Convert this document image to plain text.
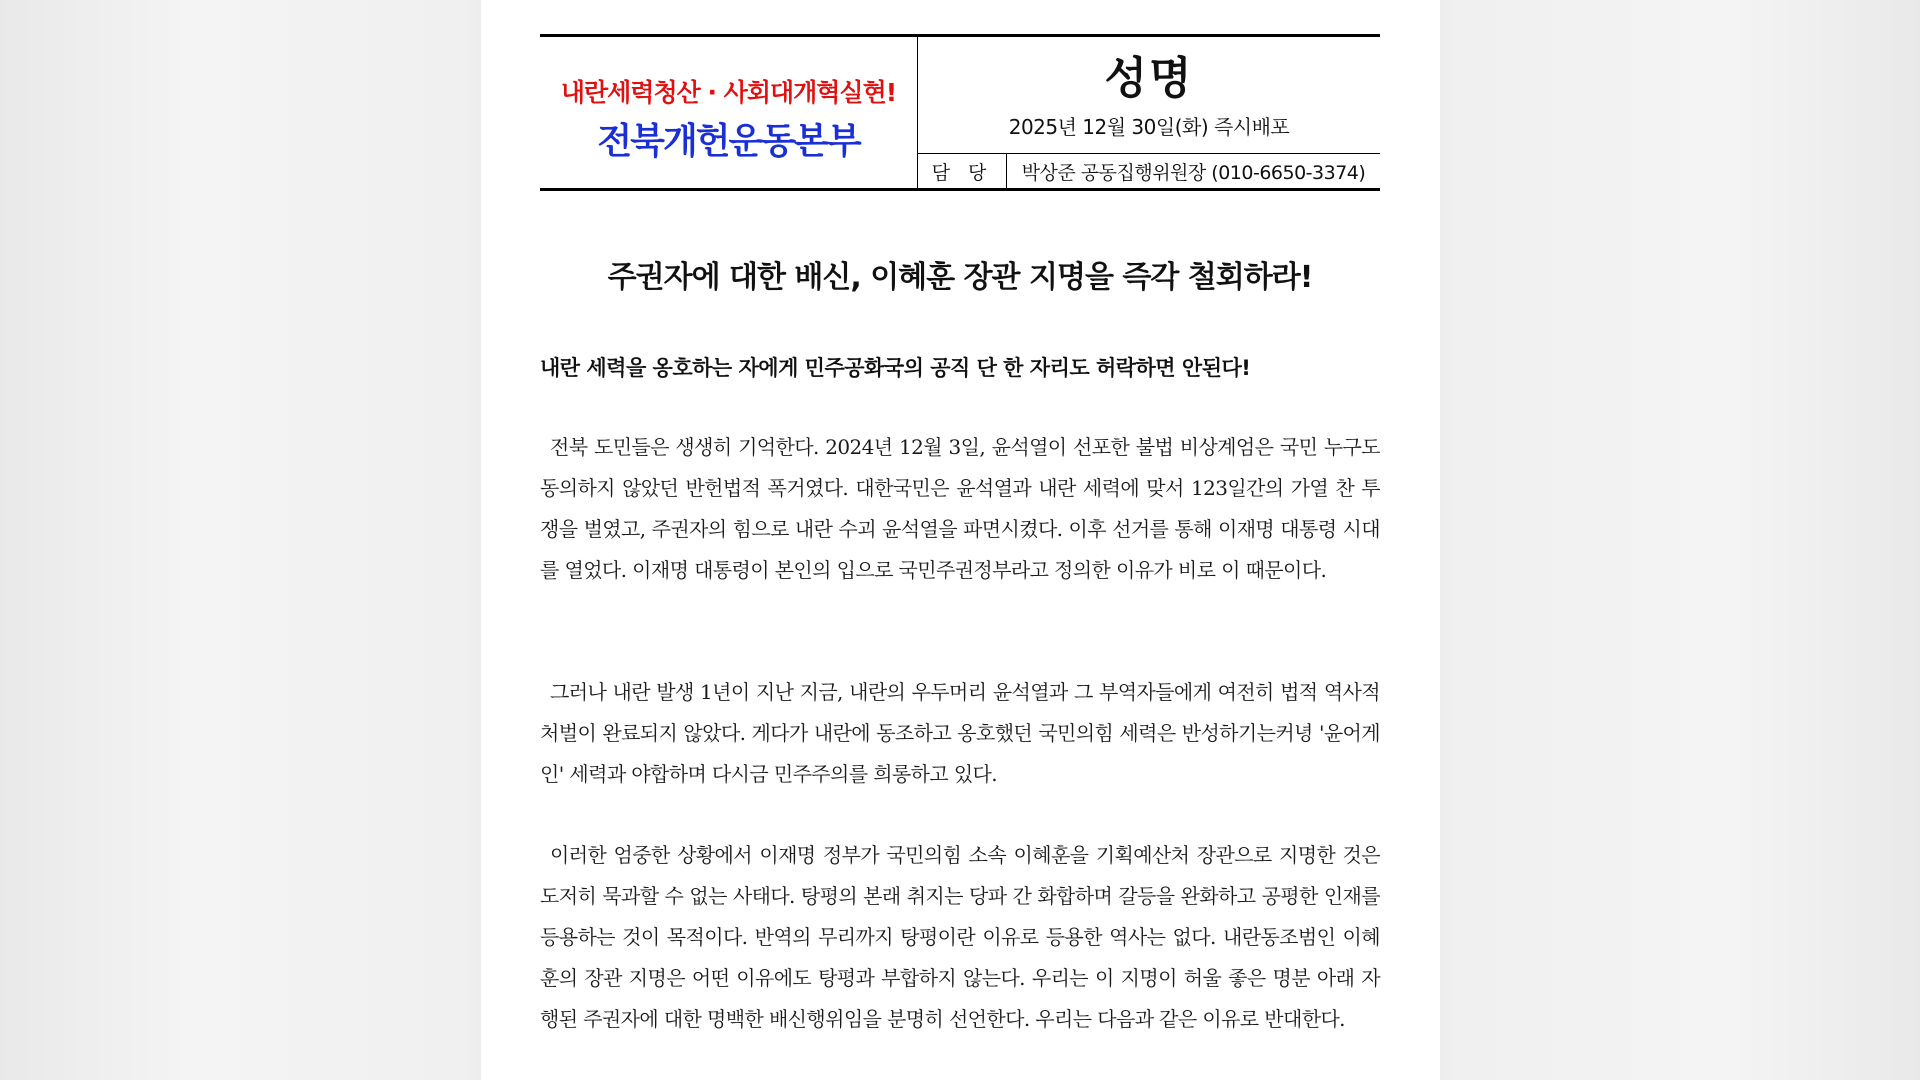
내란세력청산 · 사회대개혁실현!
전북개헌운동본부
성명
2025년 12월 30일(화) 즉시배포
담 당	박상준 공동집행위원장 (010-6650-3374)
주권자에 대한 배신, 이혜훈 장관 지명을 즉각 철회하라!
내란 세력을 옹호하는 자에게 민주공화국의 공직 단 한 자리도 허락하면 안된다!

전북 도민들은 생생히 기억한다. 2024년 12월 3일, 윤석열이 선포한 불법 비상계엄은 국민 누구도 동의하지 않았던 반헌법적 폭거였다. 대한국민은 윤석열과 내란 세력에 맞서 123일간의 가열 찬 투쟁을 벌였고, 주권자의 힘으로 내란 수괴 윤석열을 파면시켰다. 이후 선거를 통해 이재명 대통령 시대를 열었다. 이재명 대통령이 본인의 입으로 국민주권정부라고 정의한 이유가 비로 이 때문이다.

그러나 내란 발생 1년이 지난 지금, 내란의 우두머리 윤석열과 그 부역자들에게 여전히 법적 역사적 처벌이 완료되지 않았다. 게다가 내란에 동조하고 옹호했던 국민의힘 세력은 반성하기는커녕 '윤어게인' 세력과 야합하며 다시금 민주주의를 희롱하고 있다.

이러한 엄중한 상황에서 이재명 정부가 국민의힘 소속 이혜훈을 기획예산처 장관으로 지명한 것은 도저히 묵과할 수 없는 사태다. 탕평의 본래 취지는 당파 간 화합하며 갈등을 완화하고 공평한 인재를 등용하는 것이 목적이다. 반역의 무리까지 탕평이란 이유로 등용한 역사는 없다. 내란동조범인 이혜훈의 장관 지명은 어떤 이유에도 탕평과 부합하지 않는다. 우리는 이 지명이 허울 좋은 명분 아래 자행된 주권자에 대한 명백한 배신행위임을 분명히 선언한다. 우리는 다음과 같은 이유로 반대한다.
